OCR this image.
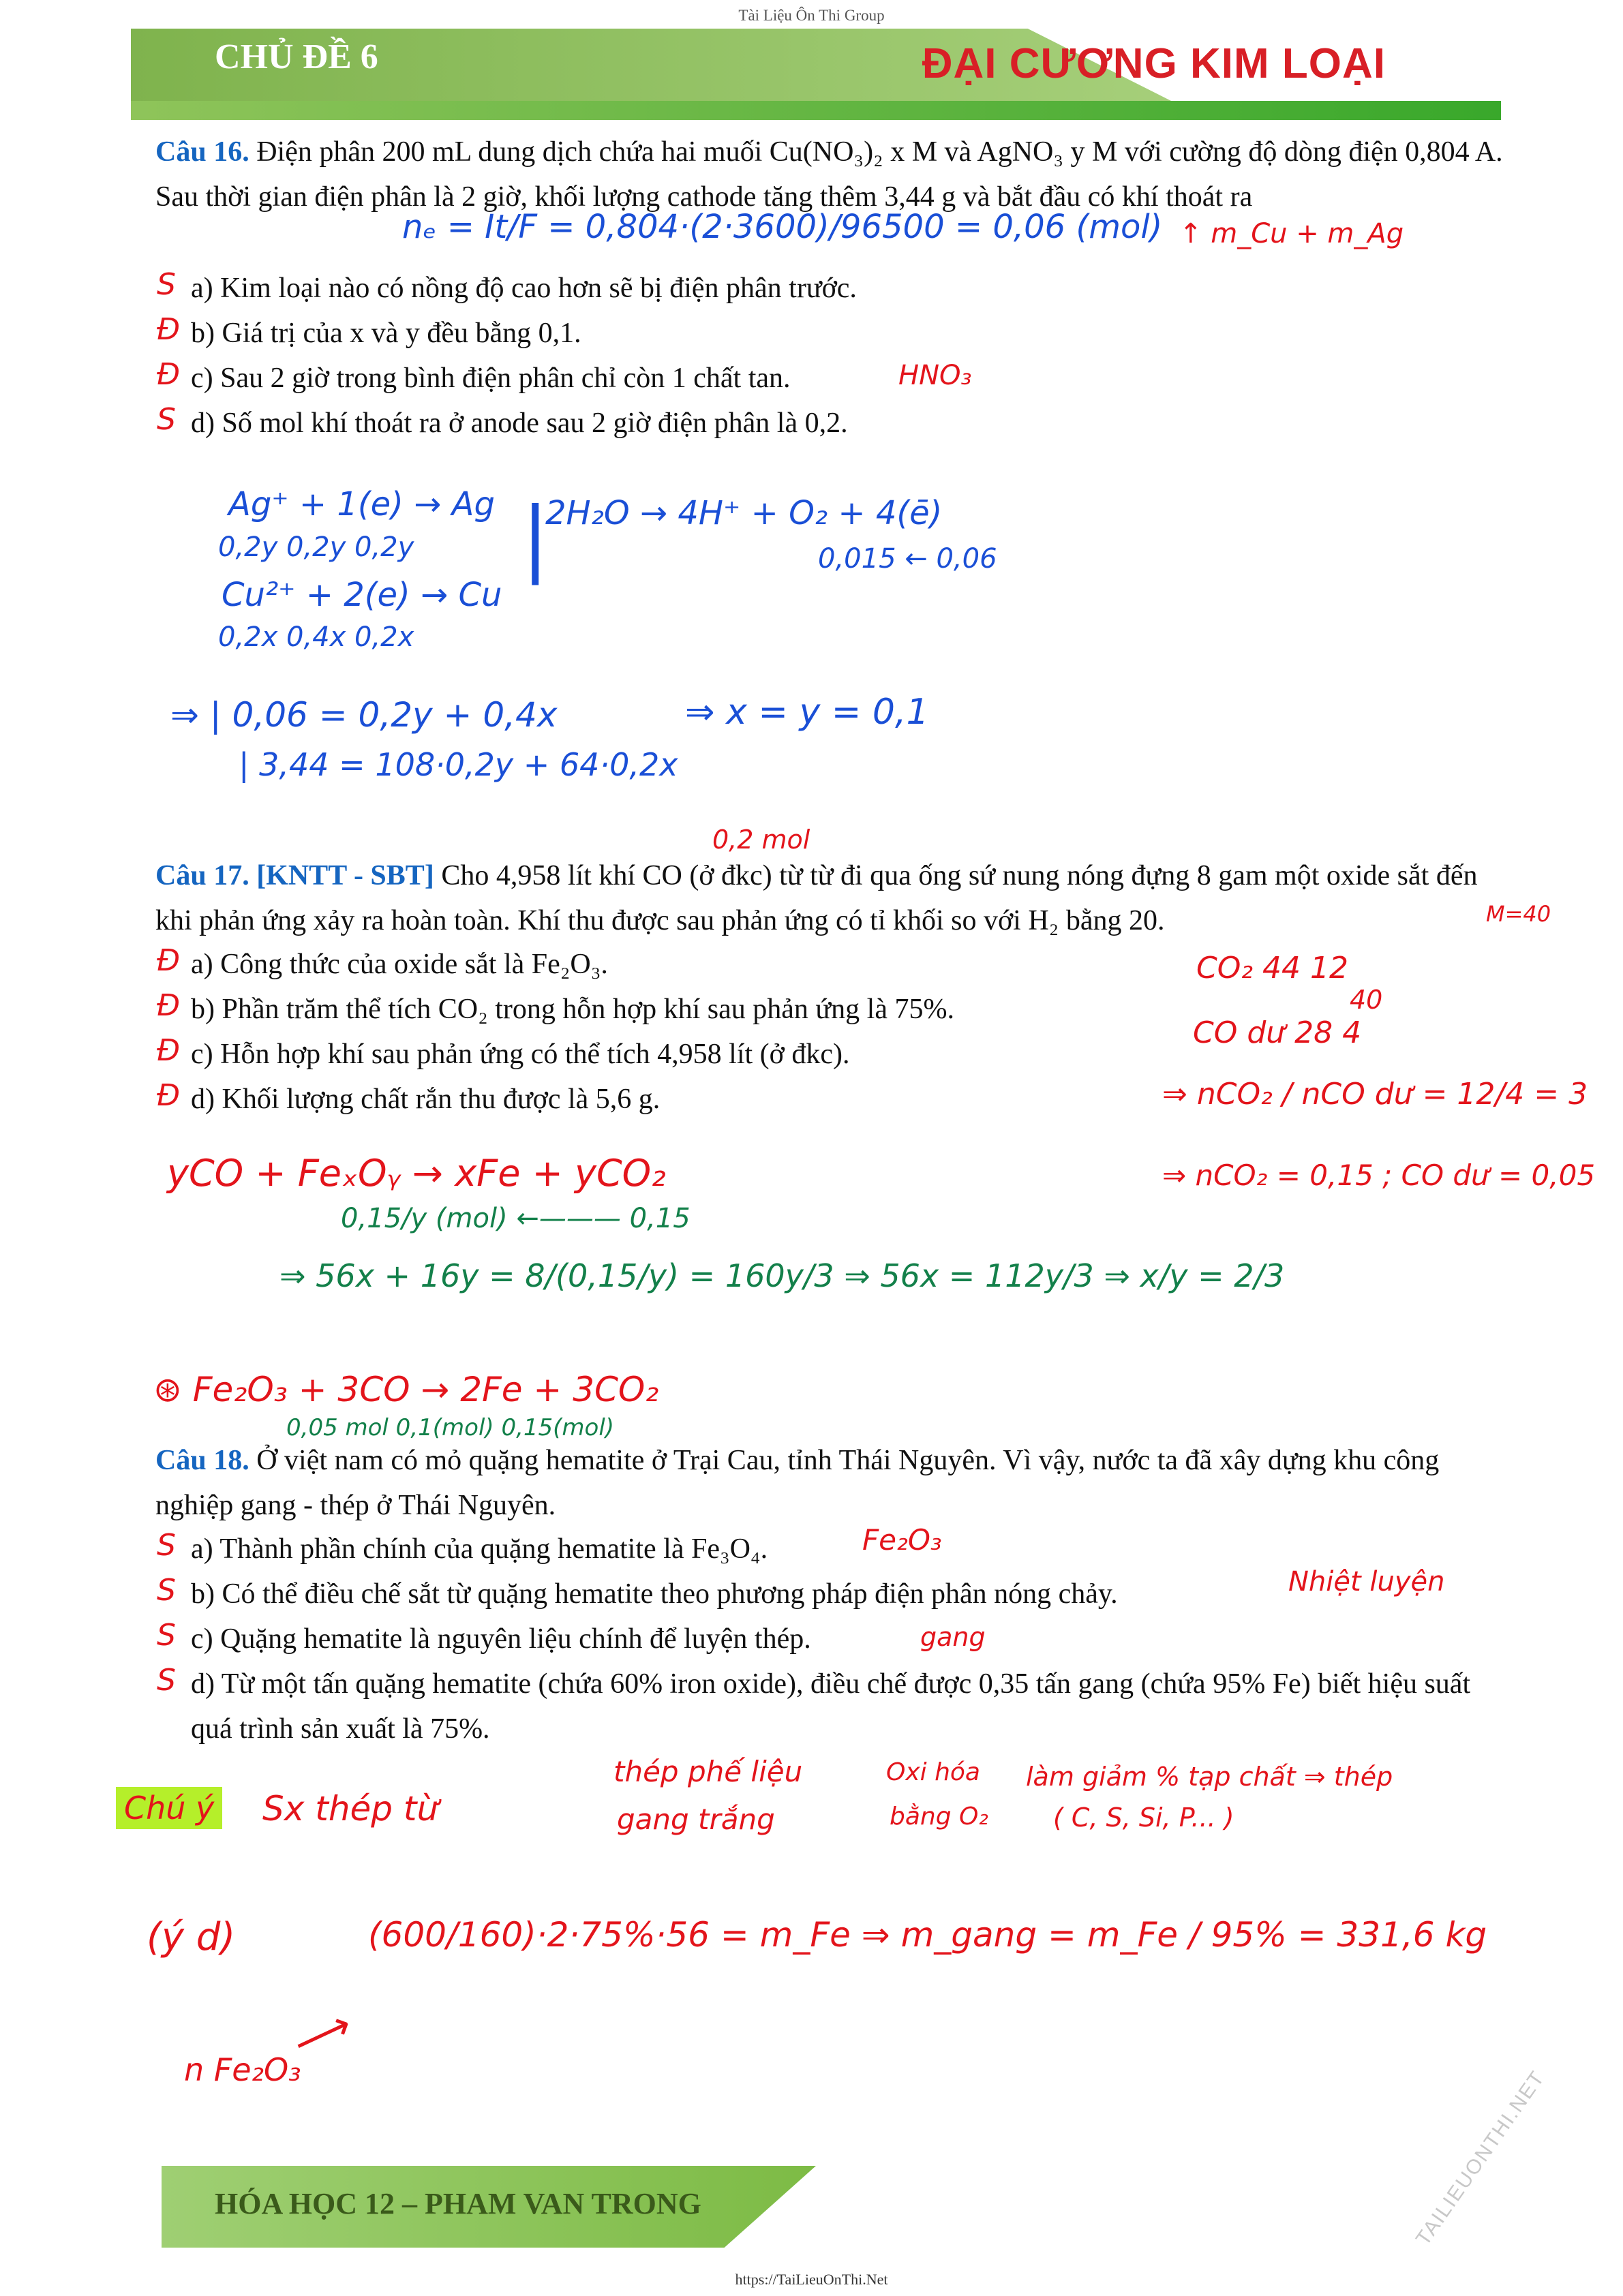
Tài Liệu Ôn Thi Group
CHỦ ĐỀ 6	ĐẠI CƯƠNG KIM LOẠI
Câu 16. Điện phân 200 mL dung dịch chứa hai muối Cu(NO₃)₂ x M và AgNO₃ y M với cường độ dòng điện 0,804 A. Sau thời gian điện phân là 2 giờ, khối lượng cathode tăng thêm 3,44 g và bắt đầu có khí thoát ra
nₑ = It/F = 0,804·(2·3600)/96500 = 0,06 (mol) ↑ m_Cu + m_Ag
S a) Kim loại nào có nồng độ cao hơn sẽ bị điện phân trước.
Đ b) Giá trị của x và y đều bằng 0,1.
Đ c) Sau 2 giờ trong bình điện phân chỉ còn 1 chất tan.	HNO₃
S d) Số mol khí thoát ra ở anode sau 2 giờ điện phân là 0,2.
Ag⁺ + 1(e) → Ag
0,2y 0,2y 0,2y
Cu²⁺ + 2(e) → Cu
0,2x 0,4x 0,2x
|
2H₂O → 4H⁺ + O₂ + 4(ē)
0,015 ← 0,06
⇒ | 0,06 = 0,2y + 0,4x
| 3,44 = 108·0,2y + 64·0,2x
⇒ x = y = 0,1
0,2 mol
Câu 17. [KNTT - SBT] Cho 4,958 lít khí CO (ở đkc) từ từ đi qua ống sứ nung nóng đựng 8 gam một oxide sắt đến khi phản ứng xảy ra hoàn toàn. Khí thu được sau phản ứng có tỉ khối so với H₂ bằng 20.	M=40
Đ a) Công thức của oxide sắt là Fe₂O₃.
Đ b) Phần trăm thể tích CO₂ trong hỗn hợp khí sau phản ứng là 75%.
Đ c) Hỗn hợp khí sau phản ứng có thể tích 4,958 lít (ở đkc).
Đ d) Khối lượng chất rắn thu được là 5,6 g.
CO₂ 44 12
40
CO dư 28 4
⇒ nCO₂ / nCO dư = 12/4 = 3
⇒ nCO₂ = 0,15 ; CO dư = 0,05
yCO + FeₓOᵧ → xFe + yCO₂
0,15/y (mol) ←——— 0,15
⇒ 56x + 16y = 8/(0,15/y) = 160y/3 ⇒ 56x = 112y/3 ⇒ x/y = 2/3
⊛ Fe₂O₃ + 3CO → 2Fe + 3CO₂
0,05 mol 0,1(mol) 0,15(mol)
Câu 18. Ở việt nam có mỏ quặng hematite ở Trại Cau, tỉnh Thái Nguyên. Vì vậy, nước ta đã xây dựng khu công nghiệp gang - thép ở Thái Nguyên.
S a) Thành phần chính của quặng hematite là Fe₃O₄.	Fe₂O₃
S b) Có thể điều chế sắt từ quặng hematite theo phương pháp điện phân nóng chảy.	Nhiệt luyện
S c) Quặng hematite là nguyên liệu chính để luyện thép.	gang
S d) Từ một tấn quặng hematite (chứa 60% iron oxide), điều chế được 0,35 tấn gang (chứa 95% Fe) biết hiệu suất quá trình sản xuất là 75%.
Chú ý Sx thép từ
thép phế liệu
gang trắng
Oxi hóa
bằng O₂
làm giảm % tạp chất ⇒ thép
( C, S, Si, P... )
(ý d)	(600/160)·2·75%·56 = m_Fe ⇒ m_gang = m_Fe / 95% = 331,6 kg
n Fe₂O₃
⟶
TAILIEUONTHI.NET
HÓA HỌC 12 – PHAM VAN TRONG
https://TaiLieuOnThi.Net
